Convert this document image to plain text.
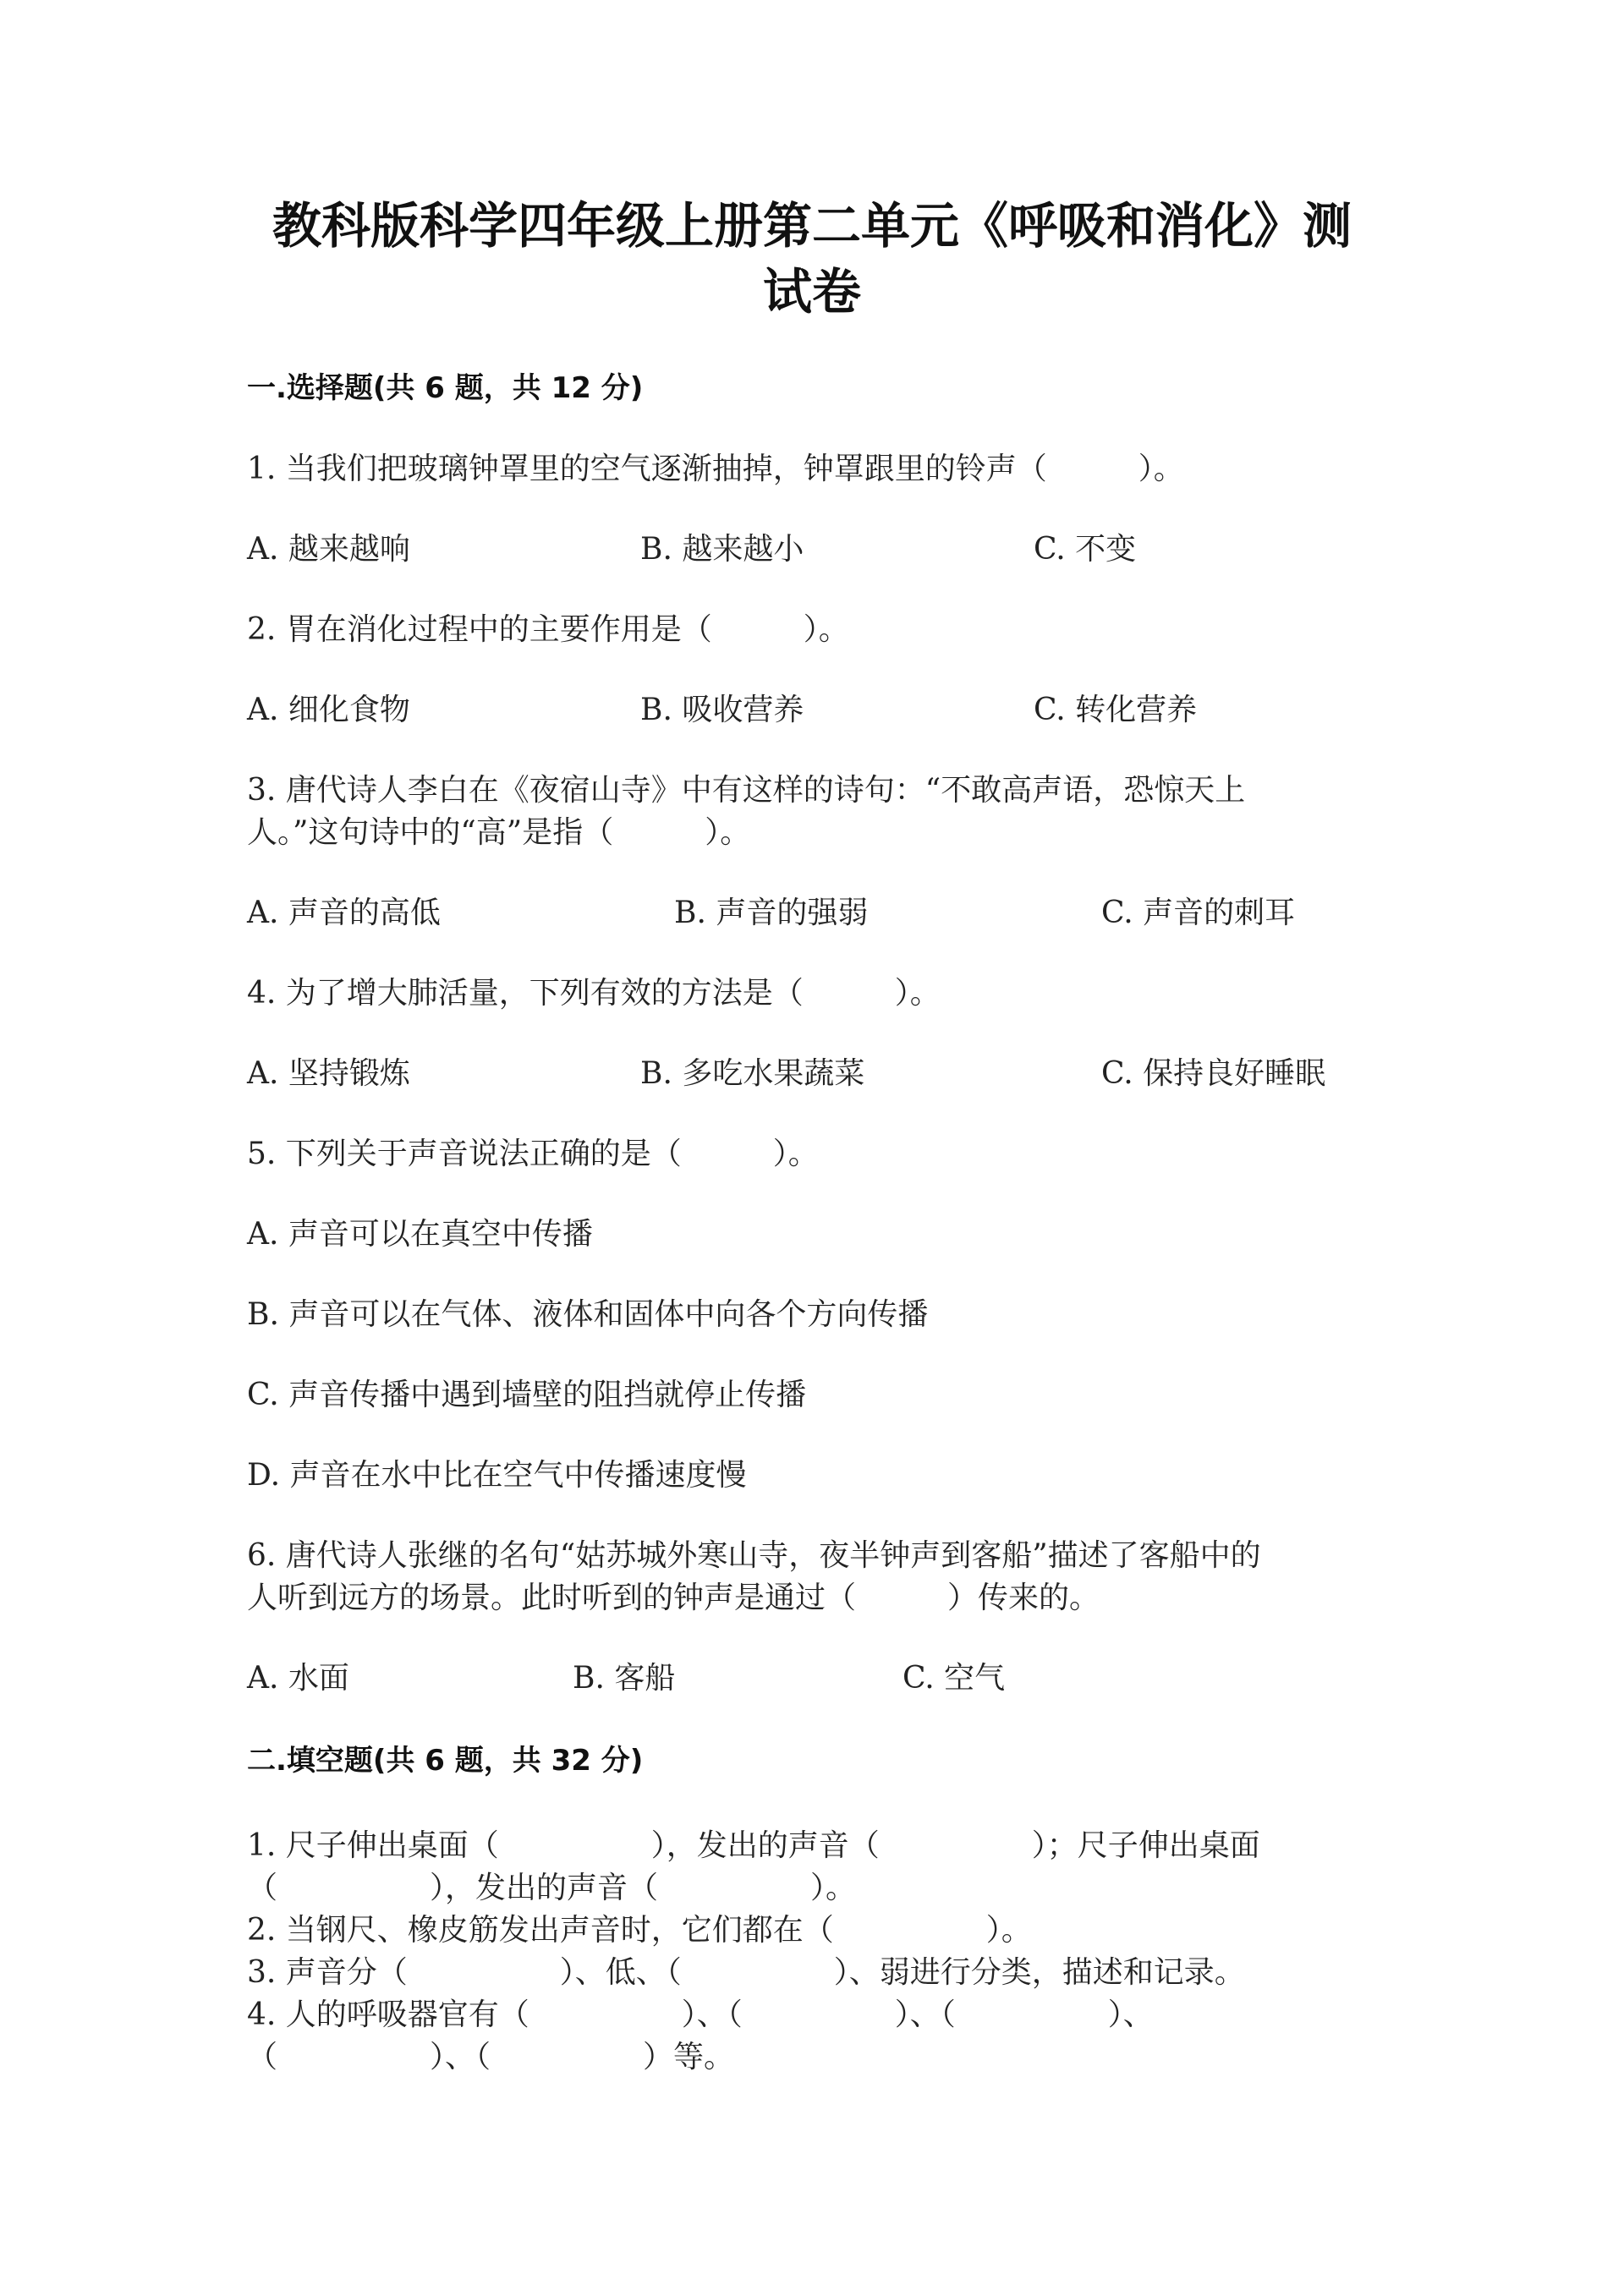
教科版科学四年级上册第二单元《呼吸和消化》测
试卷
一.选择题(共 6 题，共 12 分)
1. 当我们把玻璃钟罩里的空气逐渐抽掉，钟罩跟里的铃声（　　　）。
A. 越来越响	B. 越来越小	C. 不变
2. 胃在消化过程中的主要作用是（　　　）。
A. 细化食物	B. 吸收营养	C. 转化营养
3. 唐代诗人李白在《夜宿山寺》中有这样的诗句：“不敢高声语，恐惊天上
人。”这句诗中的“高”是指（　　　）。
A. 声音的高低	B. 声音的强弱	C. 声音的刺耳
4. 为了增大肺活量，下列有效的方法是（　　　）。
A. 坚持锻炼	B. 多吃水果蔬菜	C. 保持良好睡眠
5. 下列关于声音说法正确的是（　　　）。
A. 声音可以在真空中传播
B. 声音可以在气体、液体和固体中向各个方向传播
C. 声音传播中遇到墙壁的阻挡就停止传播
D. 声音在水中比在空气中传播速度慢
6. 唐代诗人张继的名句“姑苏城外寒山寺，夜半钟声到客船”描述了客船中的
人听到远方的场景。此时听到的钟声是通过（　　　）传来的。
A. 水面	B. 客船	C. 空气
二.填空题(共 6 题，共 32 分)
1. 尺子伸出桌面（　　　　　），发出的声音（　　　　　）；尺子伸出桌面
（　　　　　），发出的声音（　　　　　）。
2. 当钢尺、橡皮筋发出声音时，它们都在（　　　　　）。
3. 声音分（　　　　　）、低、（　　　　　）、弱进行分类，描述和记录。
4. 人的呼吸器官有（　　　　　）、（　　　　　）、（　　　　　）、
（　　　　　）、（　　　　　）等。
